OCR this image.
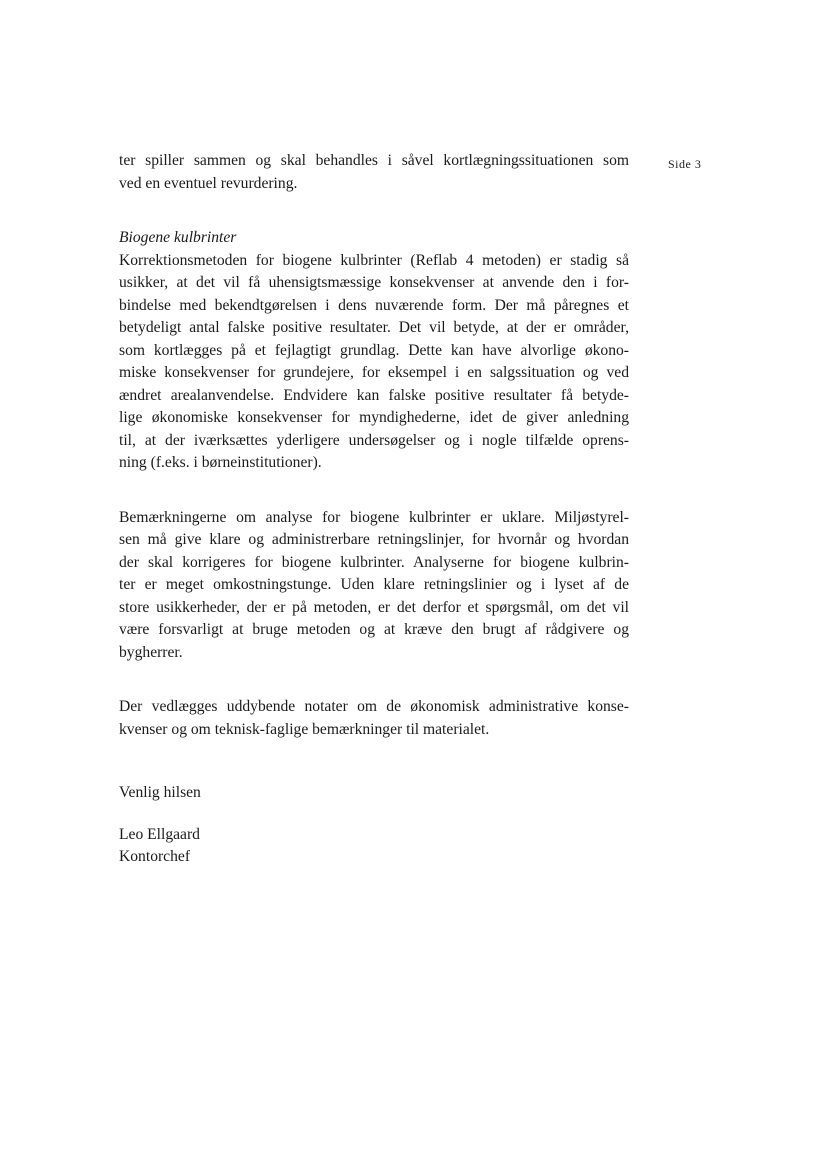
Side 3
ter spiller sammen og skal behandles i såvel kortlægningssituationen som
ved en eventuel revurdering.
Biogene kulbrinter
Korrektionsmetoden for biogene kulbrinter (Reflab 4 metoden) er stadig så
usikker, at det vil få uhensigtsmæssige konsekvenser at anvende den i for-
bindelse med bekendtgørelsen i dens nuværende form. Der må påregnes et
betydeligt antal falske positive resultater. Det vil betyde, at der er områder,
som kortlægges på et fejlagtigt grundlag. Dette kan have alvorlige økono-
miske konsekvenser for grundejere, for eksempel i en salgssituation og ved
ændret arealanvendelse. Endvidere kan falske positive resultater få betyde-
lige økonomiske konsekvenser for myndighederne, idet de giver anledning
til, at der iværksættes yderligere undersøgelser og i nogle tilfælde oprens-
ning (f.eks. i børneinstitutioner).
Bemærkningerne om analyse for biogene kulbrinter er uklare. Miljøstyrel-
sen må give klare og administrerbare retningslinjer, for hvornår og hvordan
der skal korrigeres for biogene kulbrinter. Analyserne for biogene kulbrin-
ter er meget omkostningstunge. Uden klare retningslinier og i lyset af de
store usikkerheder, der er på metoden, er det derfor et spørgsmål, om det vil
være forsvarligt at bruge metoden og at kræve den brugt af rådgivere og
bygherrer.
Der vedlægges uddybende notater om de økonomisk administrative konse-
kvenser og om teknisk-faglige bemærkninger til materialet.
Venlig hilsen
Leo Ellgaard
Kontorchef
